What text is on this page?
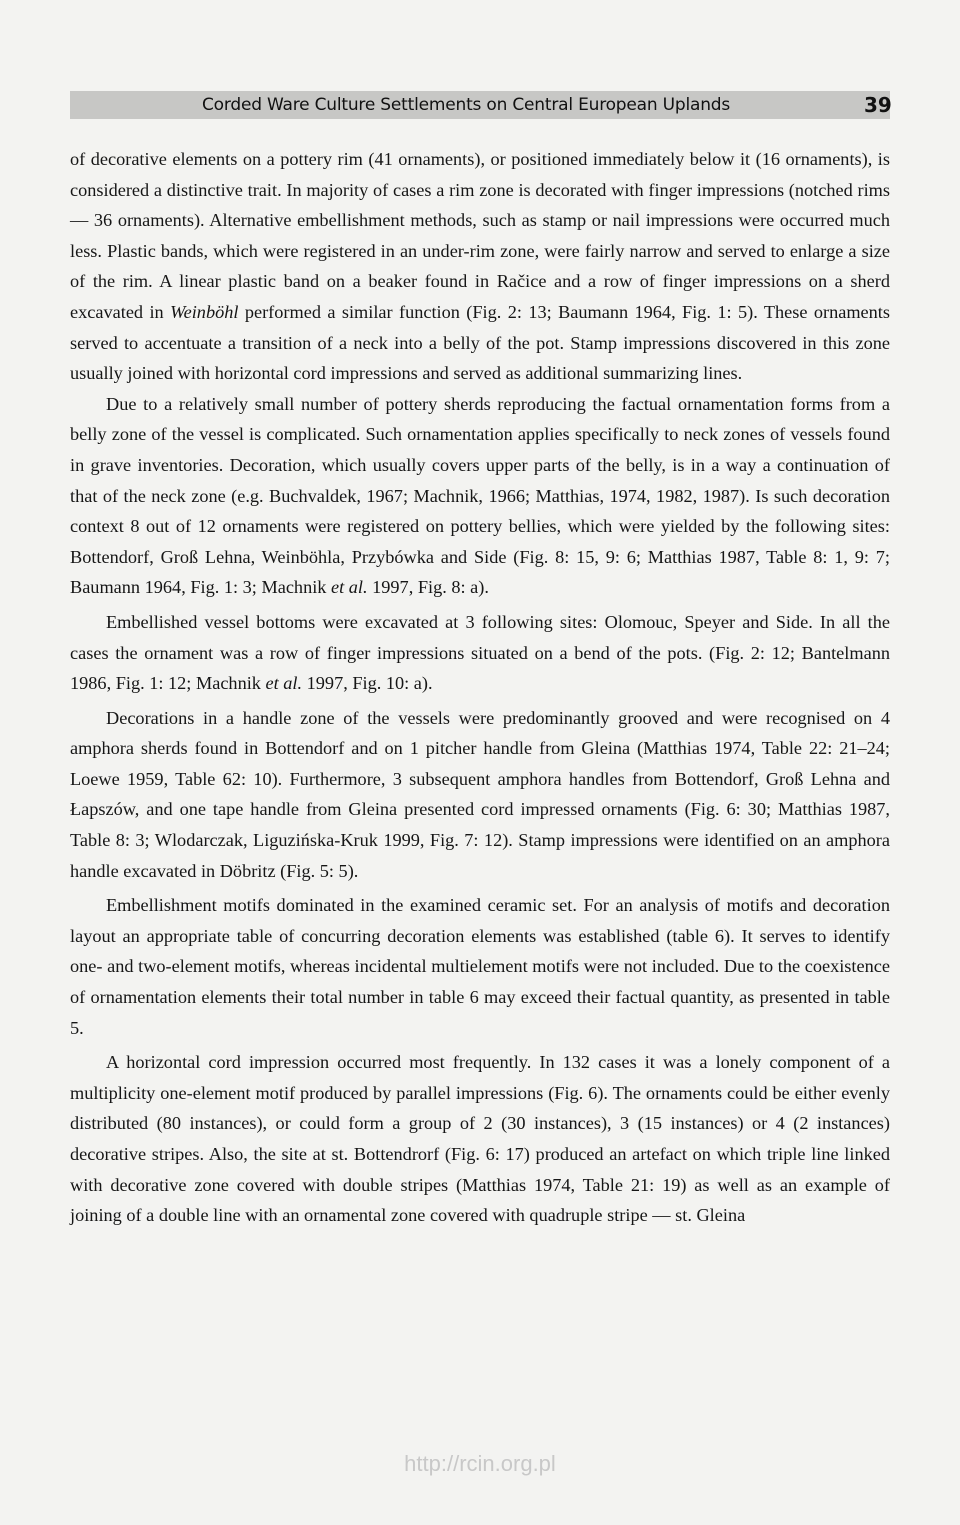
Corded Ware Culture Settlements on Central European Uplands	39

of decorative elements on a pottery rim (41 ornaments), or positioned immediately below it (16 ornaments), is considered a distinctive trait. In majority of cases a rim zone is decorated with finger impressions (notched rims — 36 ornaments). Alternative embellishment methods, such as stamp or nail impressions were occurred much less. Plastic bands, which were registered in an under-rim zone, were fairly narrow and served to enlarge a size of the rim. A linear plastic band on a beaker found in Račice and a row of finger impressions on a sherd excavated in Weinböhl performed a similar function (Fig. 2: 13; Baumann 1964, Fig. 1: 5). These ornaments served to accentuate a transition of a neck into a belly of the pot. Stamp impressions discovered in this zone usually joined with horizontal cord impressions and served as additional summarizing lines.

Due to a relatively small number of pottery sherds reproducing the factual ornamentation forms from a belly zone of the vessel is complicated. Such ornamentation applies specifically to neck zones of vessels found in grave inventories. Decoration, which usually covers upper parts of the belly, is in a way a continuation of that of the neck zone (e.g. Buchvaldek, 1967; Machnik, 1966; Matthias, 1974, 1982, 1987). Is such decoration context 8 out of 12 ornaments were registered on pottery bellies, which were yielded by the following sites: Bottendorf, Groß Lehna, Weinböhla, Przybówka and Side (Fig. 8: 15, 9: 6; Matthias 1987, Table 8: 1, 9: 7; Baumann 1964, Fig. 1: 3; Machnik et al. 1997, Fig. 8: a).

Embellished vessel bottoms were excavated at 3 following sites: Olomouc, Speyer and Side. In all the cases the ornament was a row of finger impressions situated on a bend of the pots. (Fig. 2: 12; Bantelmann 1986, Fig. 1: 12; Machnik et al. 1997, Fig. 10: a).

Decorations in a handle zone of the vessels were predominantly grooved and were recognised on 4 amphora sherds found in Bottendorf and on 1 pitcher handle from Gleina (Matthias 1974, Table 22: 21–24; Loewe 1959, Table 62: 10). Furthermore, 3 subsequent amphora handles from Bottendorf, Groß Lehna and Łapszów, and one tape handle from Gleina presented cord impressed ornaments (Fig. 6: 30; Matthias 1987, Table 8: 3; Wlodarczak, Liguzińska-Kruk 1999, Fig. 7: 12). Stamp impressions were identified on an amphora handle excavated in Döbritz (Fig. 5: 5).

Embellishment motifs dominated in the examined ceramic set. For an analysis of motifs and decoration layout an appropriate table of concurring decoration elements was established (table 6). It serves to identify one- and two-element motifs, whereas incidental multielement motifs were not included. Due to the coexistence of ornamentation elements their total number in table 6 may exceed their factual quantity, as presented in table 5.

A horizontal cord impression occurred most frequently. In 132 cases it was a lonely component of a multiplicity one-element motif produced by parallel impressions (Fig. 6). The ornaments could be either evenly distributed (80 instances), or could form a group of 2 (30 instances), 3 (15 instances) or 4 (2 instances) decorative stripes. Also, the site at st. Bottendrorf (Fig. 6: 17) produced an artefact on which triple line linked with decorative zone covered with double stripes (Matthias 1974, Table 21: 19) as well as an example of joining of a double line with an ornamental zone covered with quadruple stripe — st. Gleina

http://rcin.org.pl
